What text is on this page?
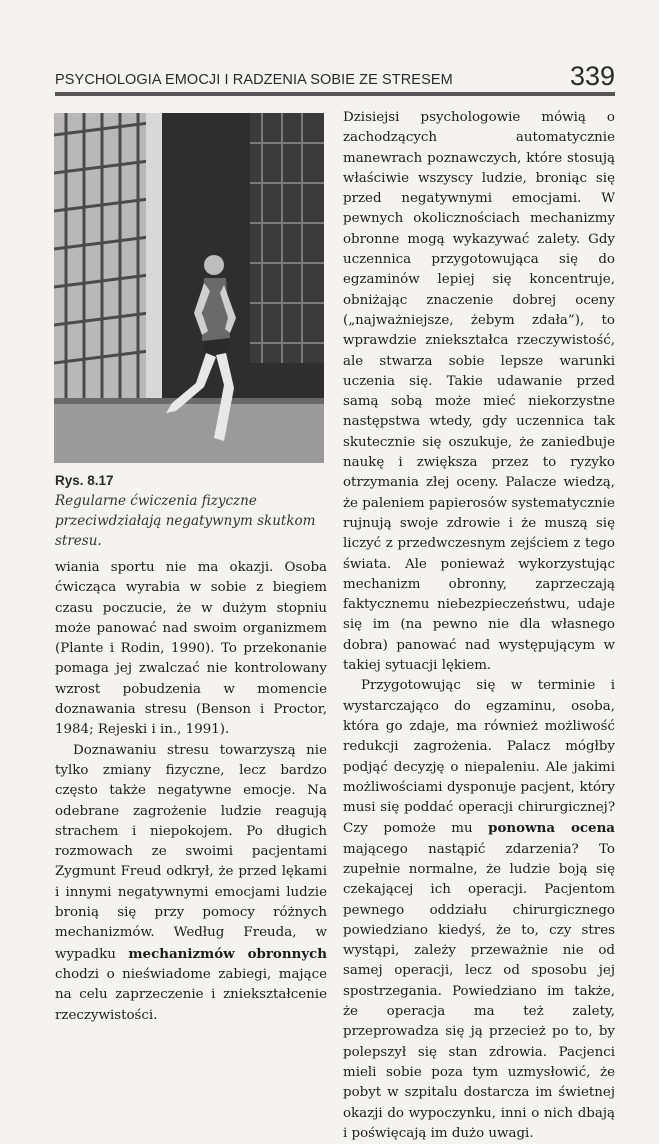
PSYCHOLOGIA EMOCJI I RADZENIA SOBIE ZE STRESEM	339
Rys. 8.17
Regularne ćwiczenia fizyczne przeciwdziałają negatywnym skutkom stresu.

wiania sportu nie ma okazji. Osoba ćwicząca wyrabia w sobie z biegiem czasu poczucie, że w dużym stopniu może panować nad swoim organizmem (Plante i Rodin, 1990). To przekonanie pomaga jej zwalczać nie kontrolowany wzrost pobudzenia w momencie doznawania stresu (Benson i Proctor, 1984; Rejeski i in., 1991).

Doznawaniu stresu towarzyszą nie tylko zmiany fizyczne, lecz bardzo często także negatywne emocje. Na odebrane zagrożenie ludzie reagują strachem i niepokojem. Po długich rozmowach ze swoimi pacjentami Zygmunt Freud odkrył, że przed lękami i innymi negatywnymi emocjami ludzie bronią się przy pomocy różnych mechanizmów. Według Freuda, w wypadku mechanizmów obronnych chodzi o nieświadome zabiegi, mające na celu zaprzeczenie i zniekształcenie rzeczywistości.

Dzisiejsi psychologowie mówią o zachodzących automatycznie manewrach poznawczych, które stosują właściwie wszyscy ludzie, broniąc się przed negatywnymi emocjami. W pewnych okolicznościach mechanizmy obronne mogą wykazywać zalety. Gdy uczennica przygotowująca się do egzaminów lepiej się koncentruje, obniżając znaczenie dobrej oceny („najważniejsze, żebym zdała”), to wprawdzie zniekształca rzeczywistość, ale stwarza sobie lepsze warunki uczenia się. Takie udawanie przed samą sobą może mieć niekorzystne następstwa wtedy, gdy uczennica tak skutecznie się oszukuje, że zaniedbuje naukę i zwiększa przez to ryzyko otrzymania złej oceny. Palacze wiedzą, że paleniem papierosów systematycznie rujnują swoje zdrowie i że muszą się liczyć z przedwczesnym zejściem z tego świata. Ale ponieważ wykorzystując mechanizm obronny, zaprzeczają faktycznemu niebezpieczeństwu, udaje się im (na pewno nie dla własnego dobra) panować nad występującym w takiej sytuacji lękiem.

Przygotowując się w terminie i wystarczająco do egzaminu, osoba, która go zdaje, ma również możliwość redukcji zagrożenia. Palacz mógłby podjąć decyzję o niepaleniu. Ale jakimi możliwościami dysponuje pacjent, który musi się poddać operacji chirurgicznej? Czy pomoże mu ponowna ocena mającego nastąpić zdarzenia? To zupełnie normalne, że ludzie boją się czekającej ich operacji. Pacjentom pewnego oddziału chirurgicznego powiedziano kiedyś, że to, czy stres wystąpi, zależy przeważnie nie od samej operacji, lecz od sposobu jej spostrzegania. Powiedziano im także, że operacja ma też zalety, przeprowadza się ją przecież po to, by polepszył się stan zdrowia. Pacjenci mieli sobie poza tym uzmysłowić, że pobyt w szpitalu dostarcza im świetnej okazji do wypoczynku, inni o nich dbają i poświęcają im dużo uwagi.
